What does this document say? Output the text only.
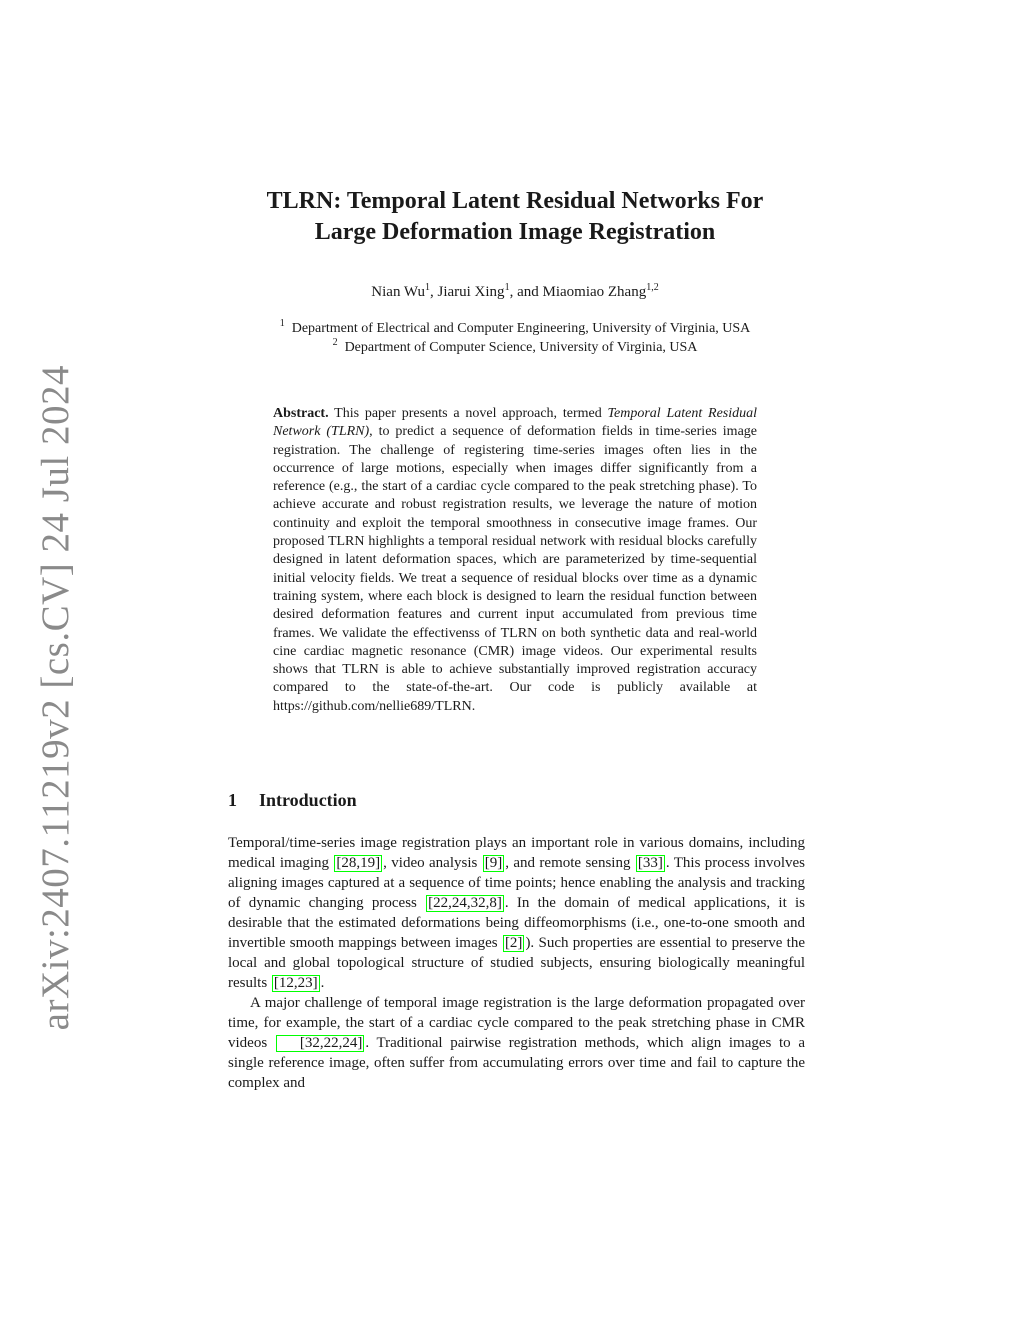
arXiv:2407.11219v2 [cs.CV] 24 Jul 2024
TLRN: Temporal Latent Residual Networks For
Large Deformation Image Registration
Nian Wu$^1$, Jiarui Xing$^1$, and Miaomiao Zhang$^{1,2}$
$^1$ Department of Electrical and Computer Engineering, University of Virginia, USA
$^2$ Department of Computer Science, University of Virginia, USA
Abstract. This paper presents a novel approach, termed Temporal Latent Residual Network (TLRN), to predict a sequence of deformation fields in time-series image registration. The challenge of registering time-series images often lies in the occurrence of large motions, especially when images differ significantly from a reference (e.g., the start of a cardiac cycle compared to the peak stretching phase). To achieve accurate and robust registration results, we leverage the nature of motion continuity and exploit the temporal smoothness in consecutive image frames. Our proposed TLRN highlights a temporal residual network with residual blocks carefully designed in latent deformation spaces, which are parameterized by time-sequential initial velocity fields. We treat a sequence of residual blocks over time as a dynamic training system, where each block is designed to learn the residual function between desired deformation features and current input accumulated from previous time frames. We validate the effectivenss of TLRN on both synthetic data and real-world cine cardiac magnetic resonance (CMR) image videos. Our experimental results shows that TLRN is able to achieve substantially improved registration accuracy compared to the state-of-the-art. Our code is publicly available at https://github.com/nellie689/TLRN.
1 Introduction

Temporal/time-series image registration plays an important role in various domains, including medical imaging [28,19] , video analysis [9] , and remote sensing [33] . This process involves aligning images captured at a sequence of time points; hence enabling the analysis and tracking of dynamic changing process [22,24,32,8] . In the domain of medical applications, it is desirable that the estimated deformations being diffeomorphisms (i.e., one-to-one smooth and invertible smooth mappings between images [2] ). Such properties are essential to preserve the local and global topological structure of studied subjects, ensuring biologically meaningful results [12,23] .

A major challenge of temporal image registration is the large deformation propagated over time, for example, the start of a cardiac cycle compared to the peak stretching phase in CMR videos [32,22,24] . Traditional pairwise registration methods, which align images to a single reference image, often suffer from accumulating errors over time and fail to capture the complex and
